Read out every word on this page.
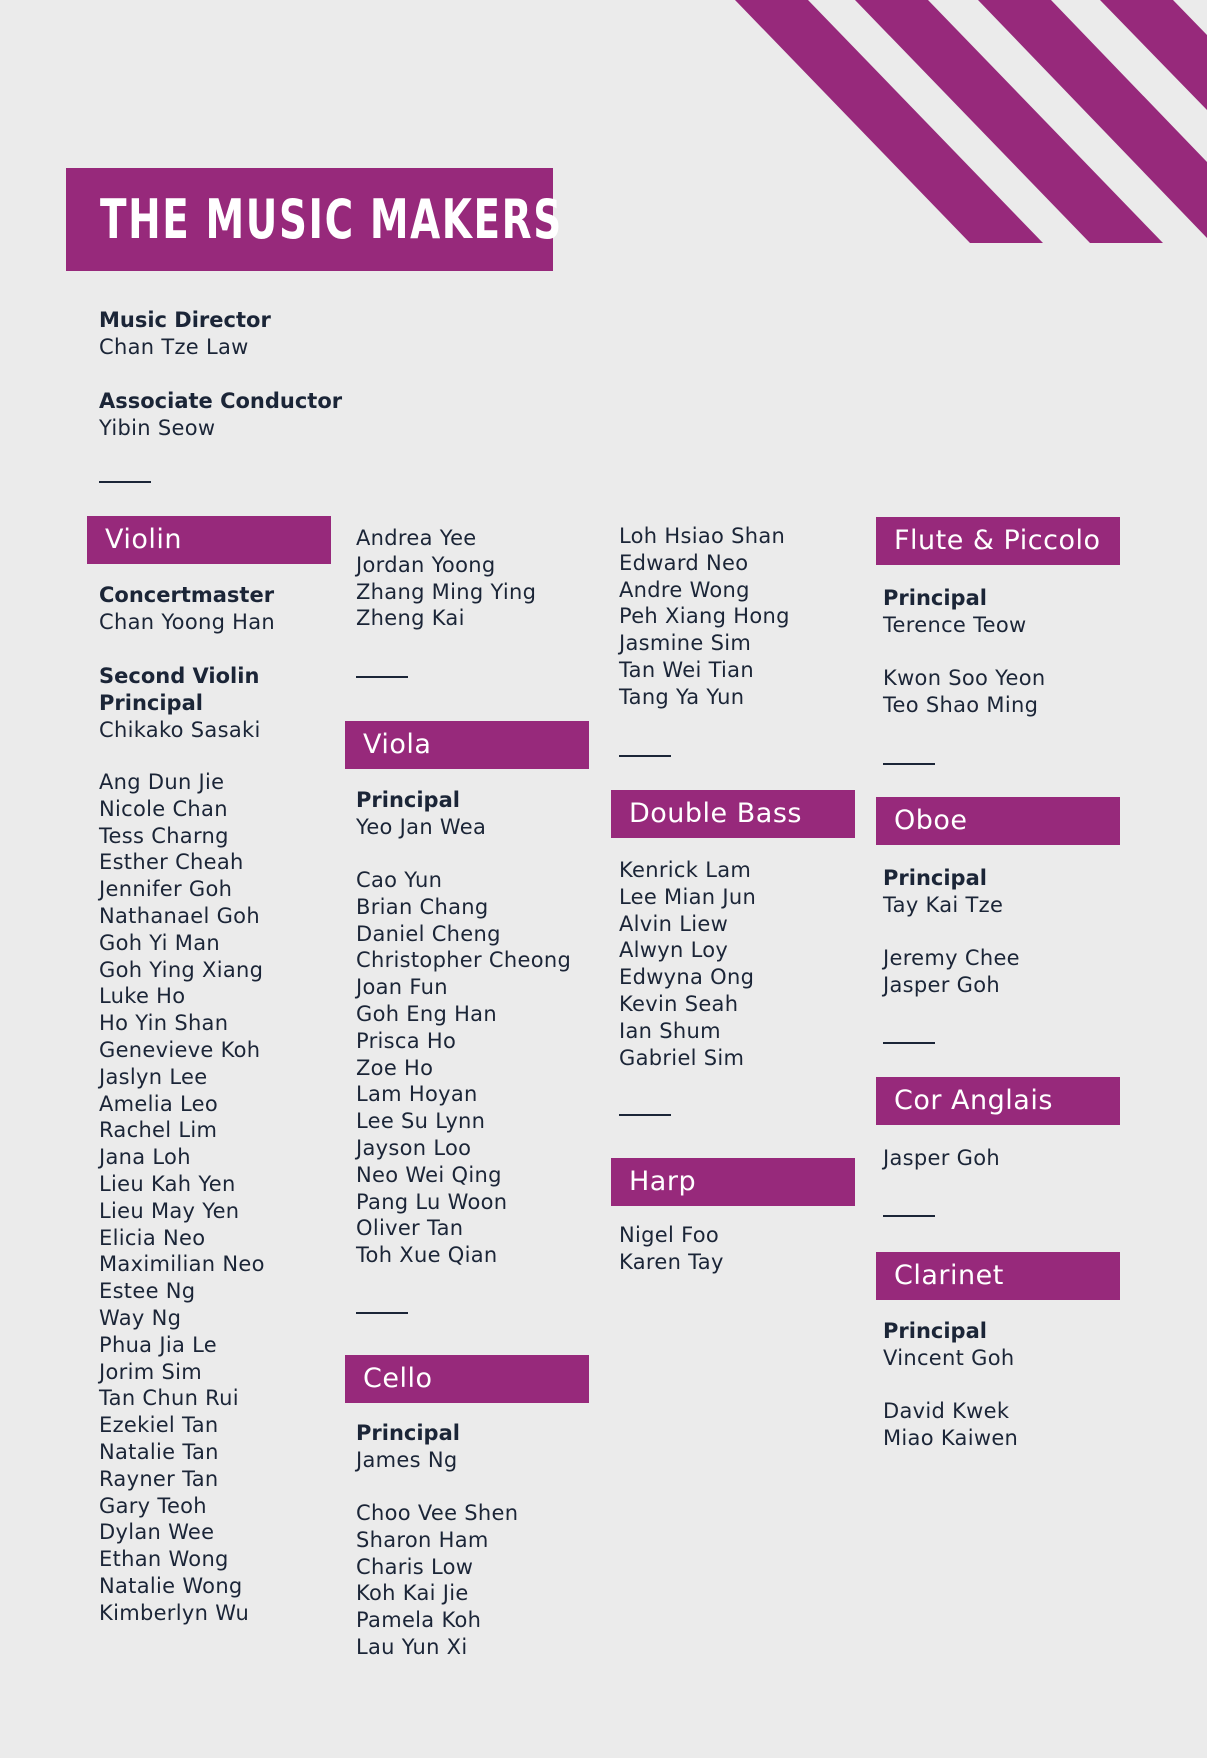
THE MUSIC MAKERS
Music Director
Chan Tze Law
Associate Conductor
Yibin Seow
Violin
Concertmaster
Chan Yoong Han
Second Violin
Principal
Chikako Sasaki
Ang Dun Jie
Nicole Chan
Tess Charng
Esther Cheah
Jennifer Goh
Nathanael Goh
Goh Yi Man
Goh Ying Xiang
Luke Ho
Ho Yin Shan
Genevieve Koh
Jaslyn Lee
Amelia Leo
Rachel Lim
Jana Loh
Lieu Kah Yen
Lieu May Yen
Elicia Neo
Maximilian Neo
Estee Ng
Way Ng
Phua Jia Le
Jorim Sim
Tan Chun Rui
Ezekiel Tan
Natalie Tan
Rayner Tan
Gary Teoh
Dylan Wee
Ethan Wong
Natalie Wong
Kimberlyn Wu
Andrea Yee
Jordan Yoong
Zhang Ming Ying
Zheng Kai
Viola
Principal
Yeo Jan Wea
Cao Yun
Brian Chang
Daniel Cheng
Christopher Cheong
Joan Fun
Goh Eng Han
Prisca Ho
Zoe Ho
Lam Hoyan
Lee Su Lynn
Jayson Loo
Neo Wei Qing
Pang Lu Woon
Oliver Tan
Toh Xue Qian
Cello
Principal
James Ng
Choo Vee Shen
Sharon Ham
Charis Low
Koh Kai Jie
Pamela Koh
Lau Yun Xi
Loh Hsiao Shan
Edward Neo
Andre Wong
Peh Xiang Hong
Jasmine Sim
Tan Wei Tian
Tang Ya Yun
Double Bass
Kenrick Lam
Lee Mian Jun
Alvin Liew
Alwyn Loy
Edwyna Ong
Kevin Seah
Ian Shum
Gabriel Sim
Harp
Nigel Foo
Karen Tay
Flute & Piccolo
Principal
Terence Teow
Kwon Soo Yeon
Teo Shao Ming
Oboe
Principal
Tay Kai Tze
Jeremy Chee
Jasper Goh
Cor Anglais
Jasper Goh
Clarinet
Principal
Vincent Goh
David Kwek
Miao Kaiwen
